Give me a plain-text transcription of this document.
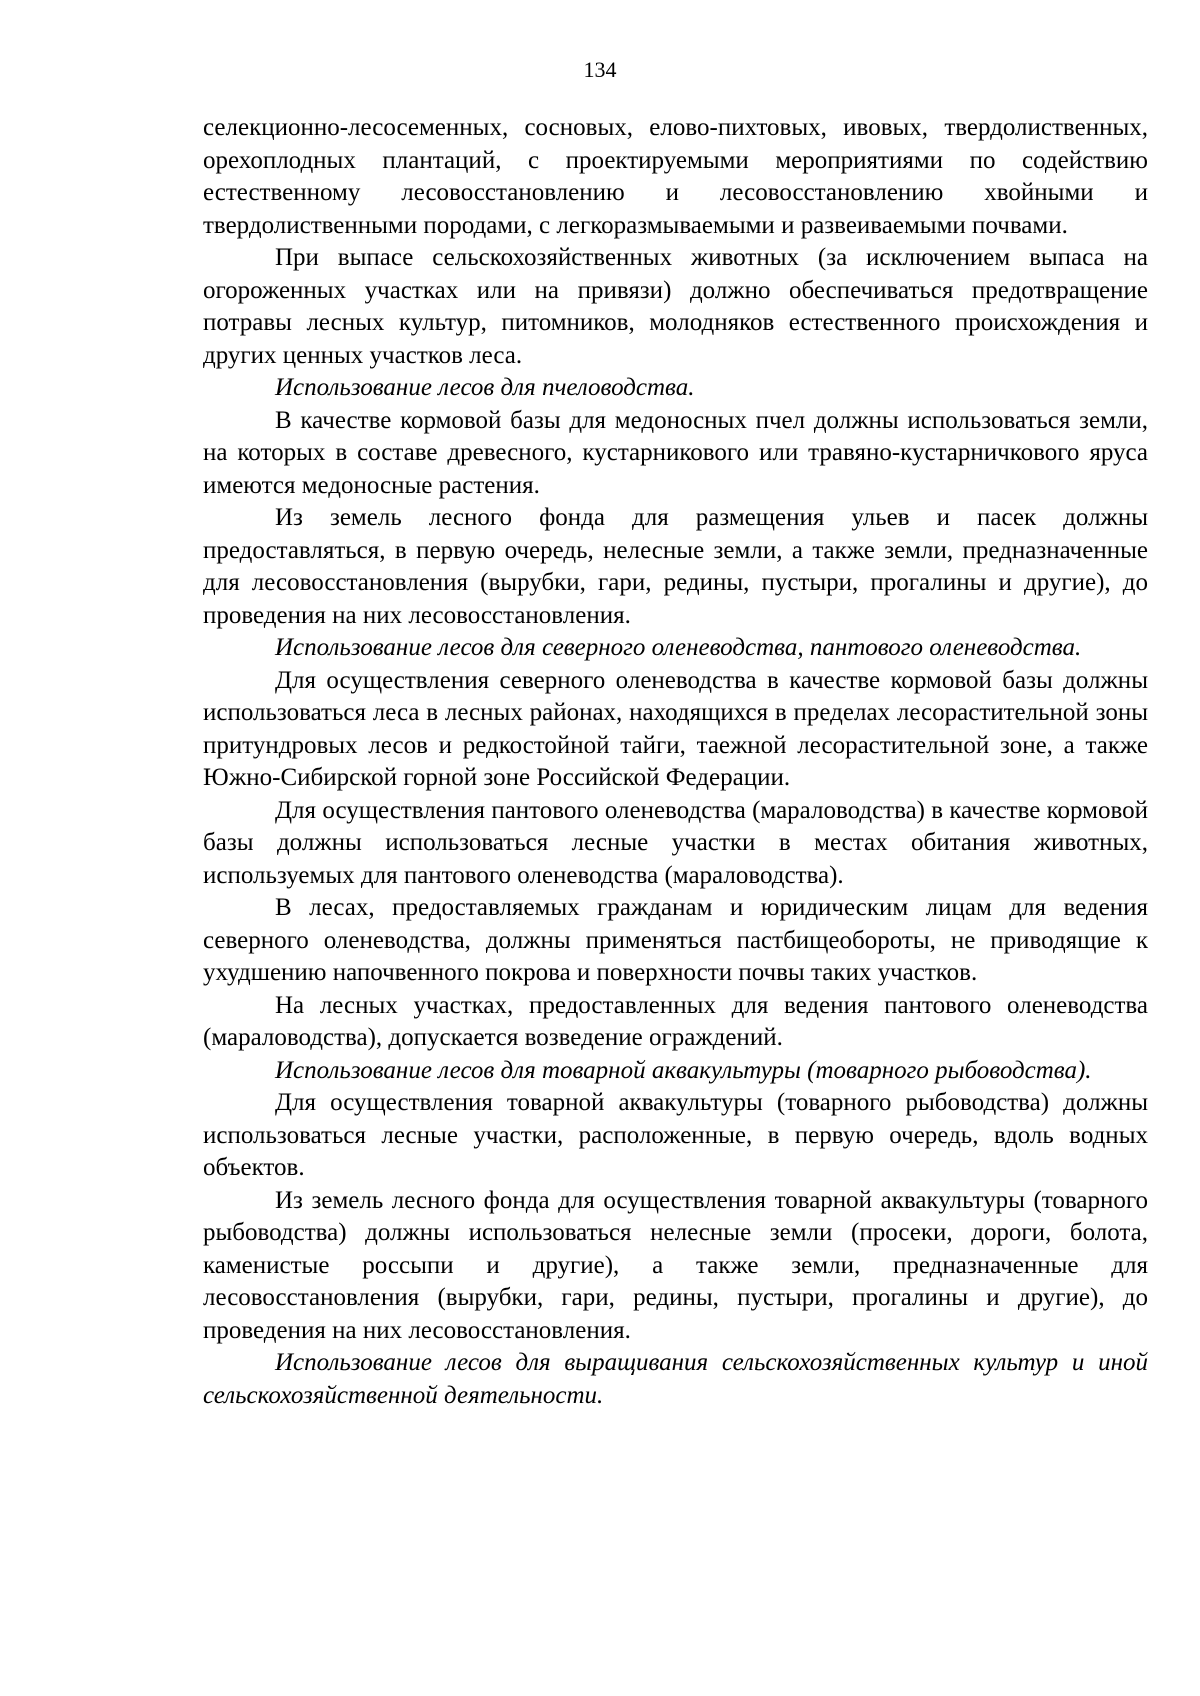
134

селекционно-лесосеменных, сосновых, елово-пихтовых, ивовых, твердолиственных, орехоплодных плантаций, с проектируемыми мероприятиями по содействию естественному лесовосстановлению и лесовосстановлению хвойными и твердолиственными породами, с легкоразмываемыми и развеиваемыми почвами.

При выпасе сельскохозяйственных животных (за исключением выпаса на огороженных участках или на привязи) должно обеспечиваться предотвращение потравы лесных культур, питомников, молодняков естественного происхождения и других ценных участков леса.

Использование лесов для пчеловодства.

В качестве кормовой базы для медоносных пчел должны использоваться земли, на которых в составе древесного, кустарникового или травяно-кустарничкового яруса имеются медоносные растения.

Из земель лесного фонда для размещения ульев и пасек должны предоставляться, в первую очередь, нелесные земли, а также земли, предназначенные для лесовосстановления (вырубки, гари, редины, пустыри, прогалины и другие), до проведения на них лесовосстановления.

Использование лесов для северного оленеводства, пантового оленеводства.

Для осуществления северного оленеводства в качестве кормовой базы должны использоваться леса в лесных районах, находящихся в пределах лесорастительной зоны притундровых лесов и редкостойной тайги, таежной лесорастительной зоне, а также Южно-Сибирской горной зоне Российской Федерации.

Для осуществления пантового оленеводства (мараловодства) в качестве кормовой базы должны использоваться лесные участки в местах обитания животных, используемых для пантового оленеводства (мараловодства).

В лесах, предоставляемых гражданам и юридическим лицам для ведения северного оленеводства, должны применяться пастбищеобороты, не приводящие к ухудшению напочвенного покрова и поверхности почвы таких участков.

На лесных участках, предоставленных для ведения пантового оленеводства (мараловодства), допускается возведение ограждений.

Использование лесов для товарной аквакультуры (товарного рыбоводства).

Для осуществления товарной аквакультуры (товарного рыбоводства) должны использоваться лесные участки, расположенные, в первую очередь, вдоль водных объектов.

Из земель лесного фонда для осуществления товарной аквакультуры (товарного рыбоводства) должны использоваться нелесные земли (просеки, дороги, болота, каменистые россыпи и другие), а также земли, предназначенные для лесовосстановления (вырубки, гари, редины, пустыри, прогалины и другие), до проведения на них лесовосстановления.

Использование лесов для выращивания сельскохозяйственных культур и иной сельскохозяйственной деятельности.
